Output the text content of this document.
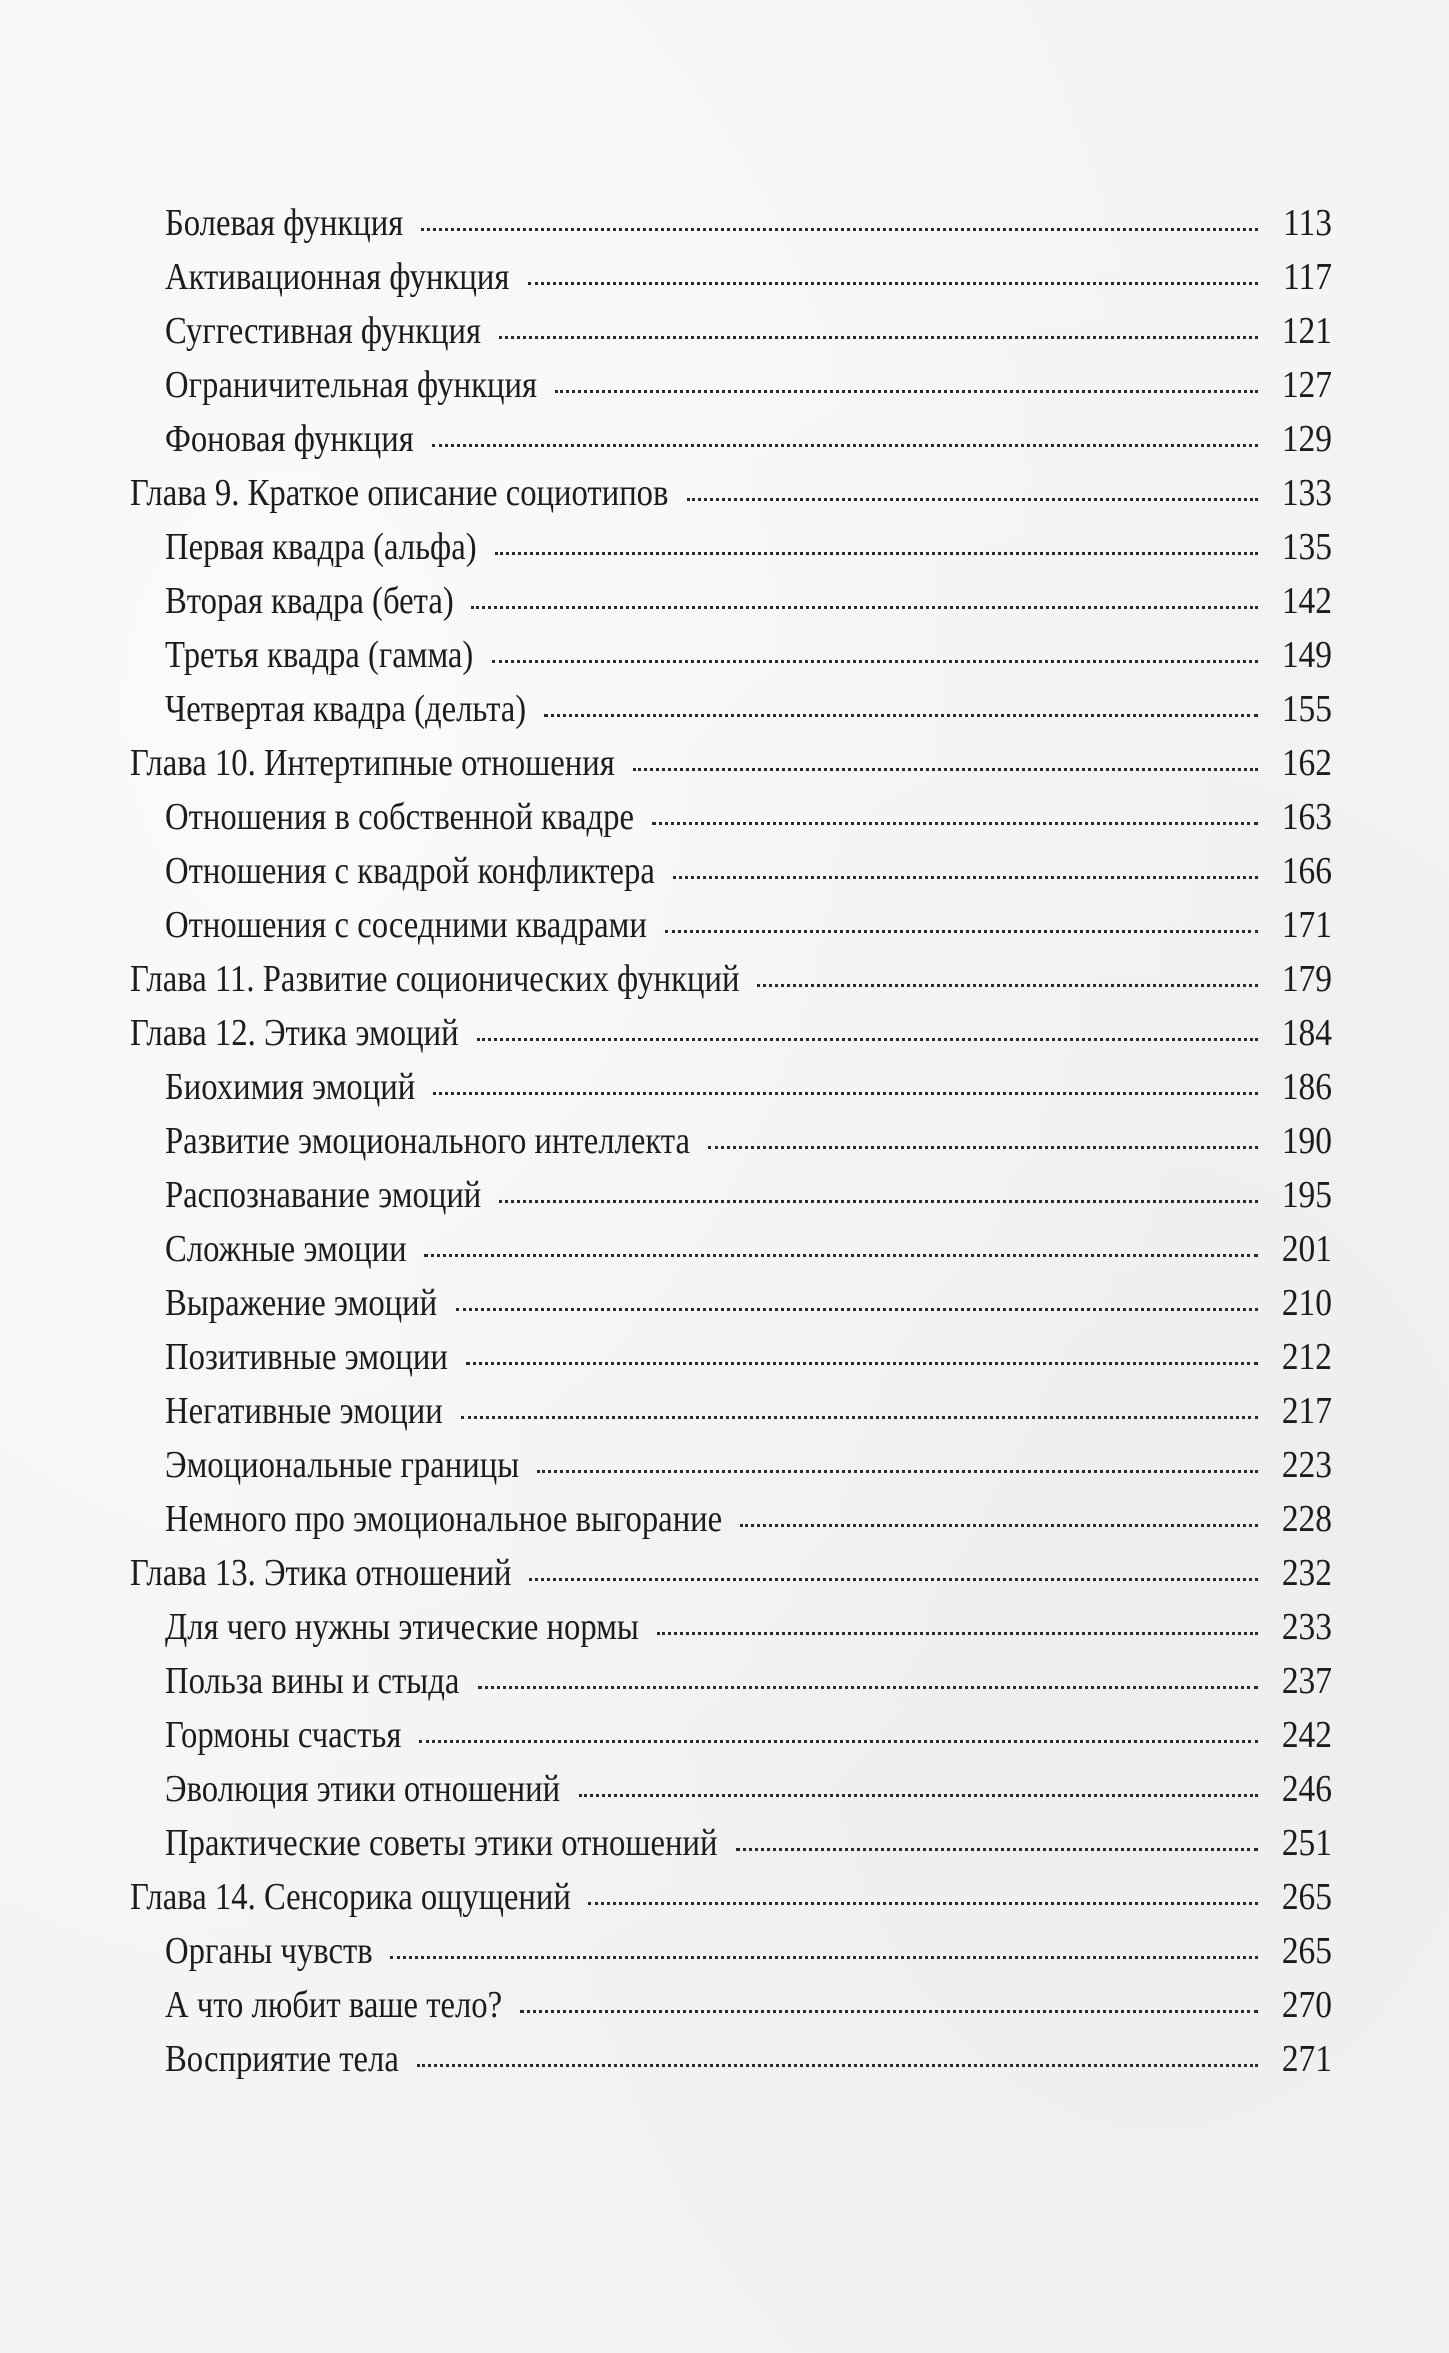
Болевая функция	113
Активационная функция	117
Суггестивная функция	121
Ограничительная функция	127
Фоновая функция	129
Глава 9. Краткое описание социотипов	133
Первая квадра (альфа)	135
Вторая квадра (бета)	142
Третья квадра (гамма)	149
Четвертая квадра (дельта)	155
Глава 10. Интертипные отношения	162
Отношения в собственной квадре	163
Отношения с квадрой конфликтера	166
Отношения с соседними квадрами	171
Глава 11. Развитие соционических функций	179
Глава 12. Этика эмоций	184
Биохимия эмоций	186
Развитие эмоционального интеллекта	190
Распознавание эмоций	195
Сложные эмоции	201
Выражение эмоций	210
Позитивные эмоции	212
Негативные эмоции	217
Эмоциональные границы	223
Немного про эмоциональное выгорание	228
Глава 13. Этика отношений	232
Для чего нужны этические нормы	233
Польза вины и стыда	237
Гормоны счастья	242
Эволюция этики отношений	246
Практические советы этики отношений	251
Глава 14. Сенсорика ощущений	265
Органы чувств	265
А что любит ваше тело?	270
Восприятие тела	271
